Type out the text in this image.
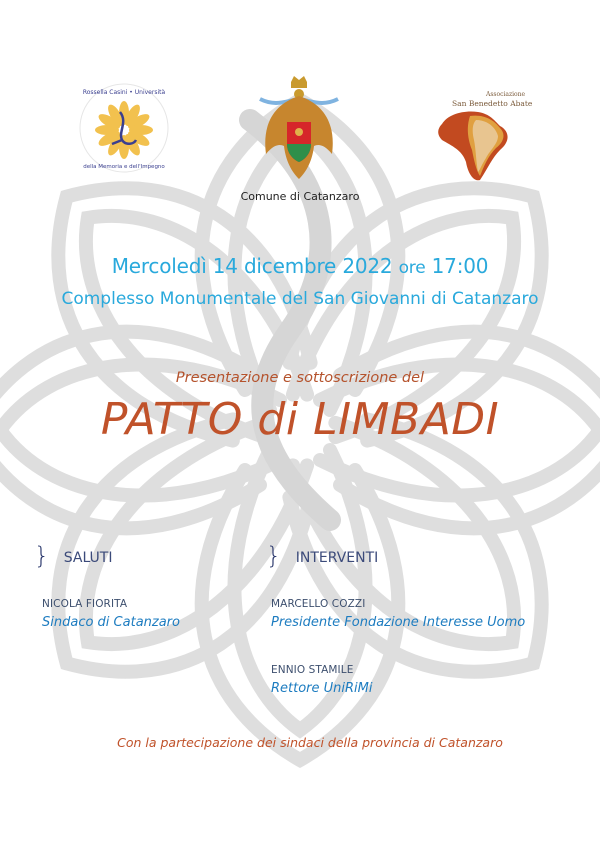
Rossella Casini • Università
della Memoria e dell'Impegno
Comune di Catanzaro
Associazione
San Benedetto Abate
Mercoledì 14 dicembre 2022 ore 17:00
Complesso Monumentale del San Giovanni di Catanzaro
Presentazione e sottoscrizione del
PATTO di LIMBADI
} SALUTI	} INTERVENTI
NICOLA FIORITA
Sindaco di Catanzaro
MARCELLO COZZI
Presidente Fondazione Interesse Uomo
ENNIO STAMILE
Rettore UniRiMi
Con la partecipazione dei sindaci della provincia di Catanzaro
